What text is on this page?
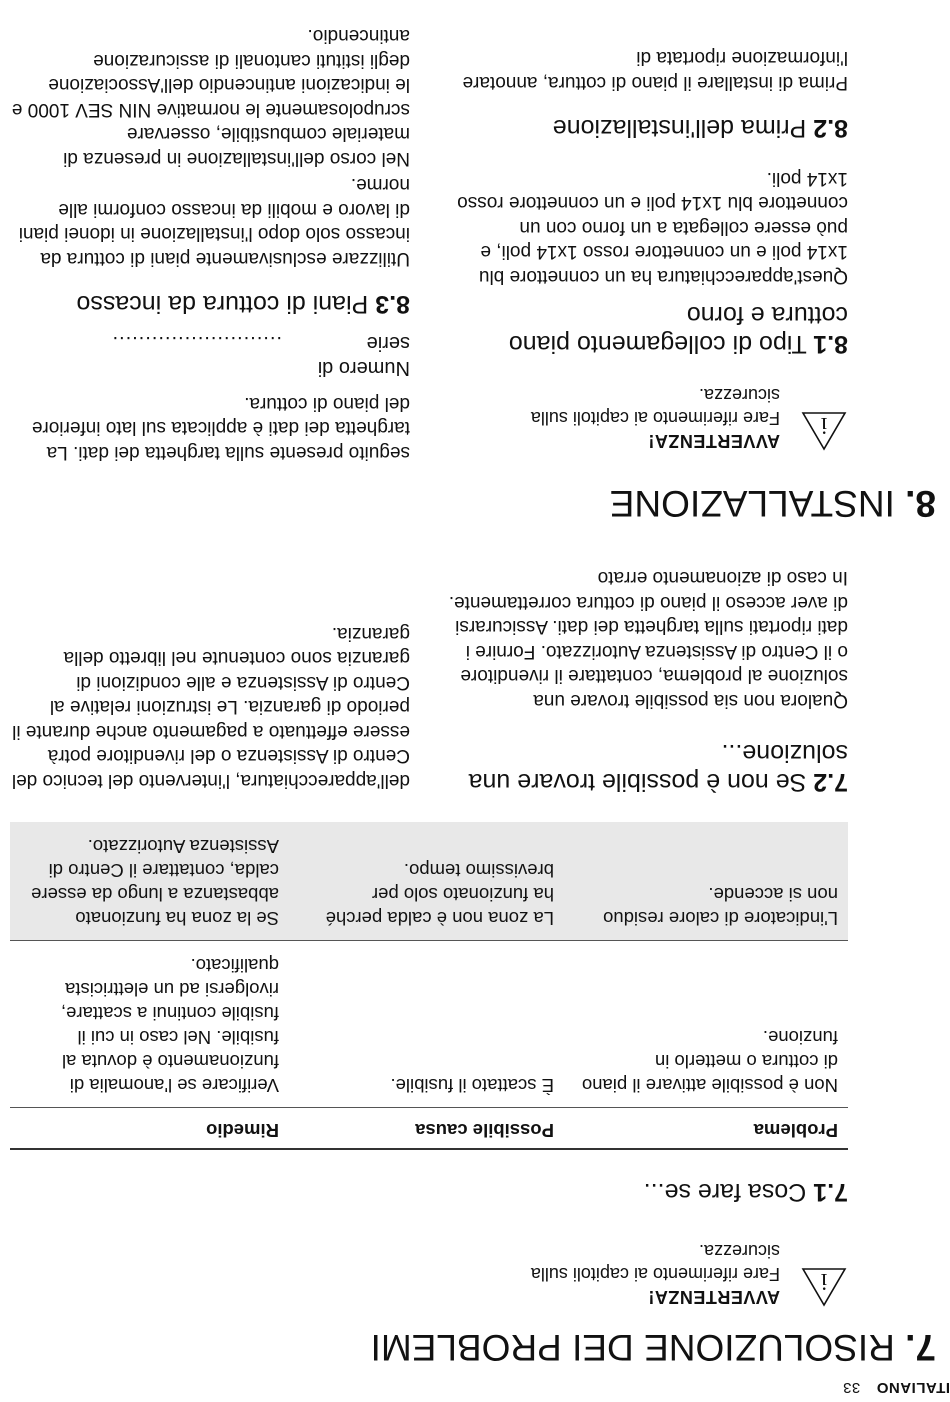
ITALIANO33
7. RISOLUZIONE DEI PROBLEMI
i
AVVERTENZA!
Fare riferimento ai capitoli sulla sicurezza.
7.1 Cosa fare se...
Problema	Possibile causa	Rimedio
Non è possibile attivare il piano di cottura o metterlo in funzione.	È scattato il fusibile.	Verificare se l'anomalia di funzionamento è dovuta al fusibile. Nel caso in cui il fusibile continui a scattare, rivolgersi ad un elettricista qualificato.
L'indicatore di calore residuo non si accende.	La zona non è calda perché ha funzionato solo per brevissimo tempo.	Se la zona ha funzionato abbastanza a lungo da essere calda, contattare il Centro di Assistenza Autorizzato.
7.2 Se non è possibile trovare una soluzione...
Qualora non sia possibile trovare una soluzione al problema, contattare il rivenditore o il Centro di Assistenza Autorizzato. Fornire i dati riportati sulla targhetta dei dati. Assicurarsi di aver acceso il piano di cottura correttamente. In caso di azionamento errato
8. INSTALLAZIONE
i
AVVERTENZA!
Fare riferimento ai capitoli sulla sicurezza.
8.1 Tipo di collegamento piano cottura e forno
Quest'apparecchiatura ha un connettore blu 1x14 poli e un connettore rosso 1x14 poli, e può essere collegata a un forno con un connettore blu 1x14 poli e un connettore rosso 1x14 poli.
8.2 Prima dell'installazione
Prima di installare il piano di cottura, annotare l'informazione riportata di
dell'apparecchiatura, l'intervento del tecnico del Centro di Assistenza o del rivenditore potrà essere effettuato a pagamento anche durante il periodo di garanzia. Le istruzioni relative al Centro di Assistenza e alle condizioni di garanzia sono contenute nel libretto della garanzia.
seguito presente sulla targhetta dei dati. La targhetta dei dati è applicata sul lato inferiore del piano di cottura.
Numero di serie
..........................
8.3 Piani di cottura da incasso
Utilizzare esclusivamente piani di cottura da incasso solo dopo l'installazione in idonei piani di lavoro e mobili da incasso conformi alle norme.
Nel corso dell'installazione in presenza di materiale combustibile, osservare scrupolosamente le normative NIN SEV 1000 e le indicazioni antincendio dell'Associazione degli istituti cantonali di assicurazione antincendio.
